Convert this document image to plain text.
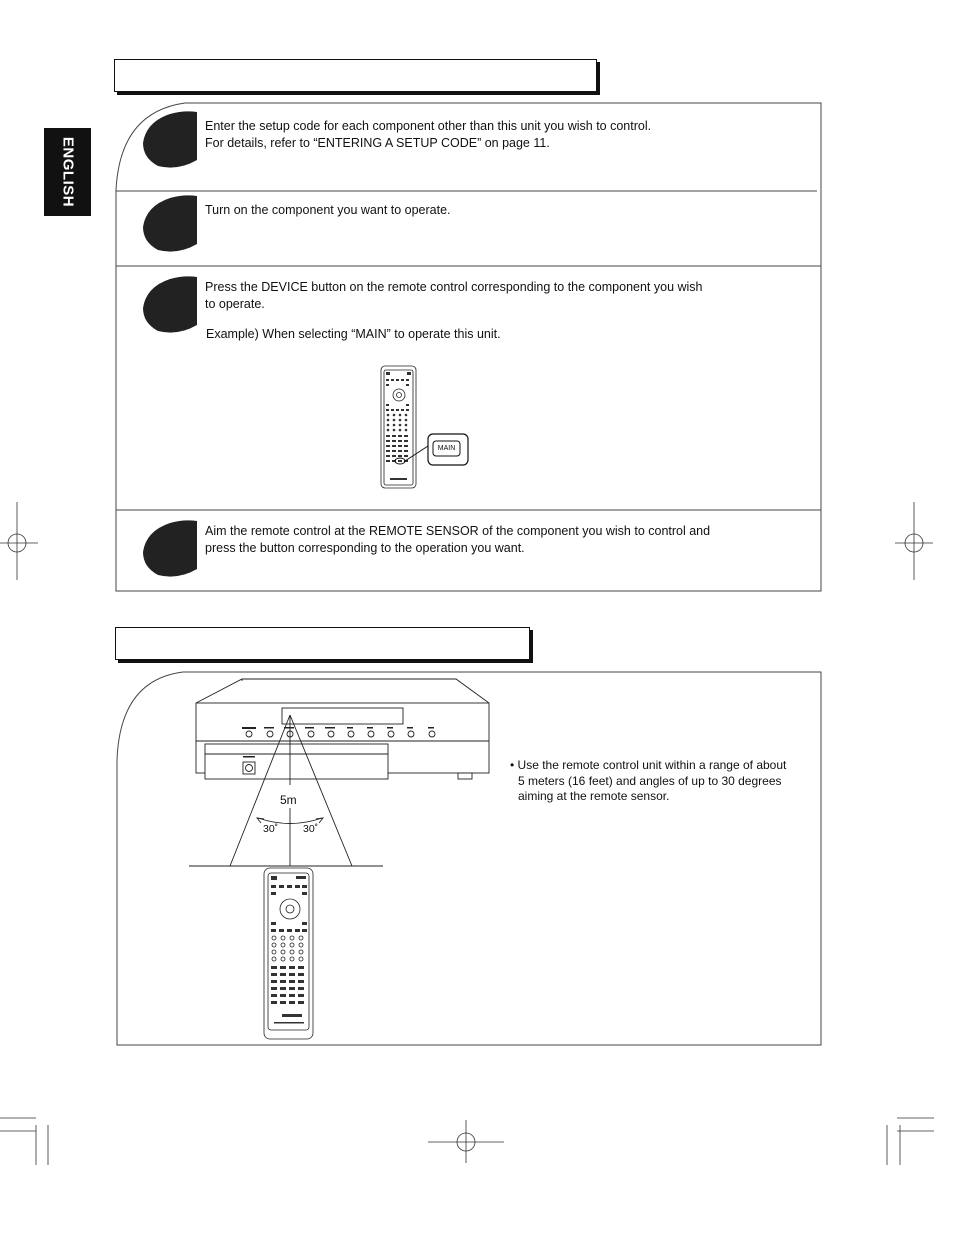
ENGLISH
Enter the setup code for each component other than this unit you wish to control.
For details, refer to “ENTERING A SETUP CODE” on page 11.
Turn on the component you want to operate.
Press the DEVICE button on the remote control corresponding to the component you wish
to operate.
Example) When selecting “MAIN” to operate this unit.
Aim the remote control at the REMOTE SENSOR of the component you wish to control and
press the button corresponding to the operation you want.
MAIN
5m
30˚ 30˚
• Use the remote control unit within a range of about
5 meters (16 feet) and angles of up to 30 degrees
aiming at the remote sensor.
